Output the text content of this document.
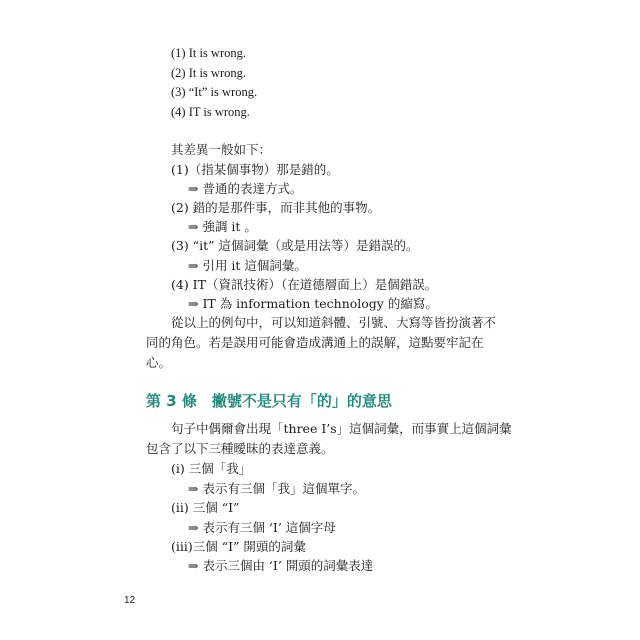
(1) It is wrong.
(2) It is wrong.
(3) “It” is wrong.
(4) IT is wrong.
其差異一般如下：
(1)（指某個事物）那是錯的。
⇒ 普通的表達方式。
(2) 錯的是那件事，而非其他的事物。
⇒ 強調 it 。
(3) “it” 這個詞彙（或是用法等）是錯誤的。
⇒ 引用 it 這個詞彙。
(4) IT（資訊技術）（在道德層面上）是個錯誤。
⇒ IT 為 information technology 的縮寫。
從以上的例句中，可以知道斜體、引號、大寫等皆扮演著不
同的角色。若是誤用可能會造成溝通上的誤解，這點要牢記在
心。
第 3 條　撇號不是只有「的」的意思
句子中偶爾會出現「three I’s」這個詞彙，而事實上這個詞彙
包含了以下三種曖昧的表達意義。
(i) 三個「我」
⇒ 表示有三個「我」這個單字。
(ii) 三個 “I”
⇒ 表示有三個 ‘I’ 這個字母
(iii)三個 “I” 開頭的詞彙
⇒ 表示三個由 ‘I’ 開頭的詞彙表達
12
